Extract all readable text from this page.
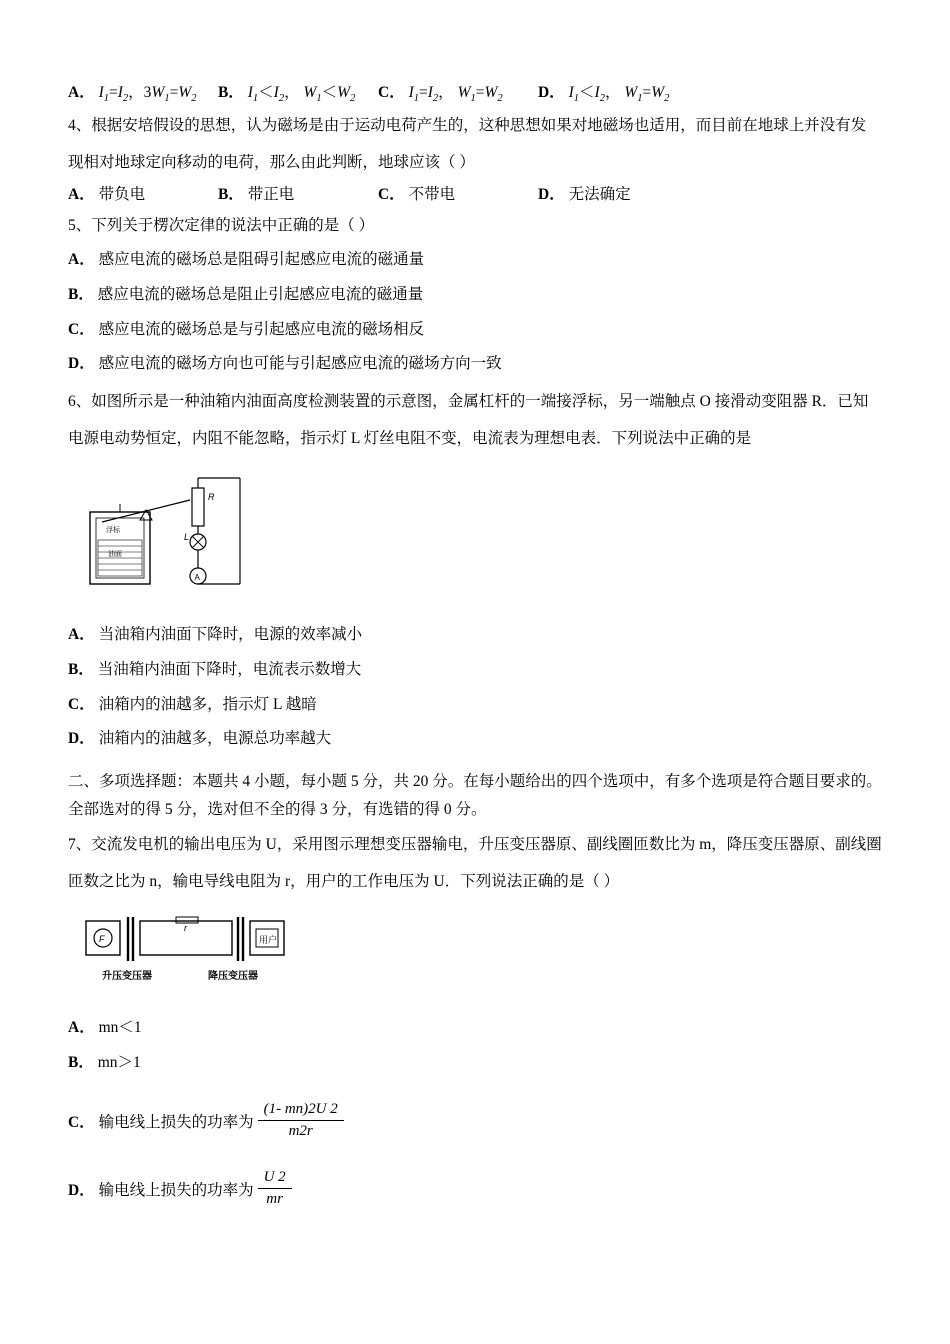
A． $I_1=I_2$，$3W_1=W_2$	B． $I_1<I_2$， $W_1<W_2$	C． $I_1=I_2$， $W_1=W_2$	D． $I_1<I_2$， $W_1=W_2$
4、根据安培假设的思想，认为磁场是由于运动电荷产生的，这种思想如果对地磁场也适用，而目前在地球上并没有发
现相对地球定向移动的电荷，那么由此判断，地球应该（ ）
A． 带负电	B． 带正电	C． 不带电	D． 无法确定
5、下列关于楞次定律的说法中正确的是（ ）
A． 感应电流的磁场总是阻碍引起感应电流的磁通量
B． 感应电流的磁场总是阻止引起感应电流的磁通量
C． 感应电流的磁场总是与引起感应电流的磁场相反
D． 感应电流的磁场方向也可能与引起感应电流的磁场方向一致
6、如图所示是一种油箱内油面高度检测装置的示意图，金属杠杆的一端接浮标，另一端触点 O 接滑动变阻器 R．已知
电源电动势恒定，内阻不能忽略，指示灯 L 灯丝电阻不变，电流表为理想电表．下列说法中正确的是
浮标
油面
R
L
A
A． 当油箱内油面下降时，电源的效率减小
B． 当油箱内油面下降时，电流表示数增大
C． 油箱内的油越多，指示灯 L 越暗
D． 油箱内的油越多，电源总功率越大
二、多项选择题：本题共 4 小题，每小题 5 分，共 20 分。在每小题给出的四个选项中，有多个选项是符合题目要求的。
全部选对的得 5 分，选对但不全的得 3 分，有选错的得 0 分。
7、交流发电机的输出电压为 U，采用图示理想变压器输电，升压变压器原、副线圈匝数比为 m，降压变压器原、副线圈
匝数之比为 n，输电导线电阻为 r，用户的工作电压为 U．下列说法正确的是（ ）
F
r
用户
升压变压器	降压变压器
A． mn＜1
B． mn＞1
C．
输电线上损失的功率为 $\frac{(1- mn)2U 2}{m2r}$
D．
输电线上损失的功率为 $\frac{U 2}{mr}$
